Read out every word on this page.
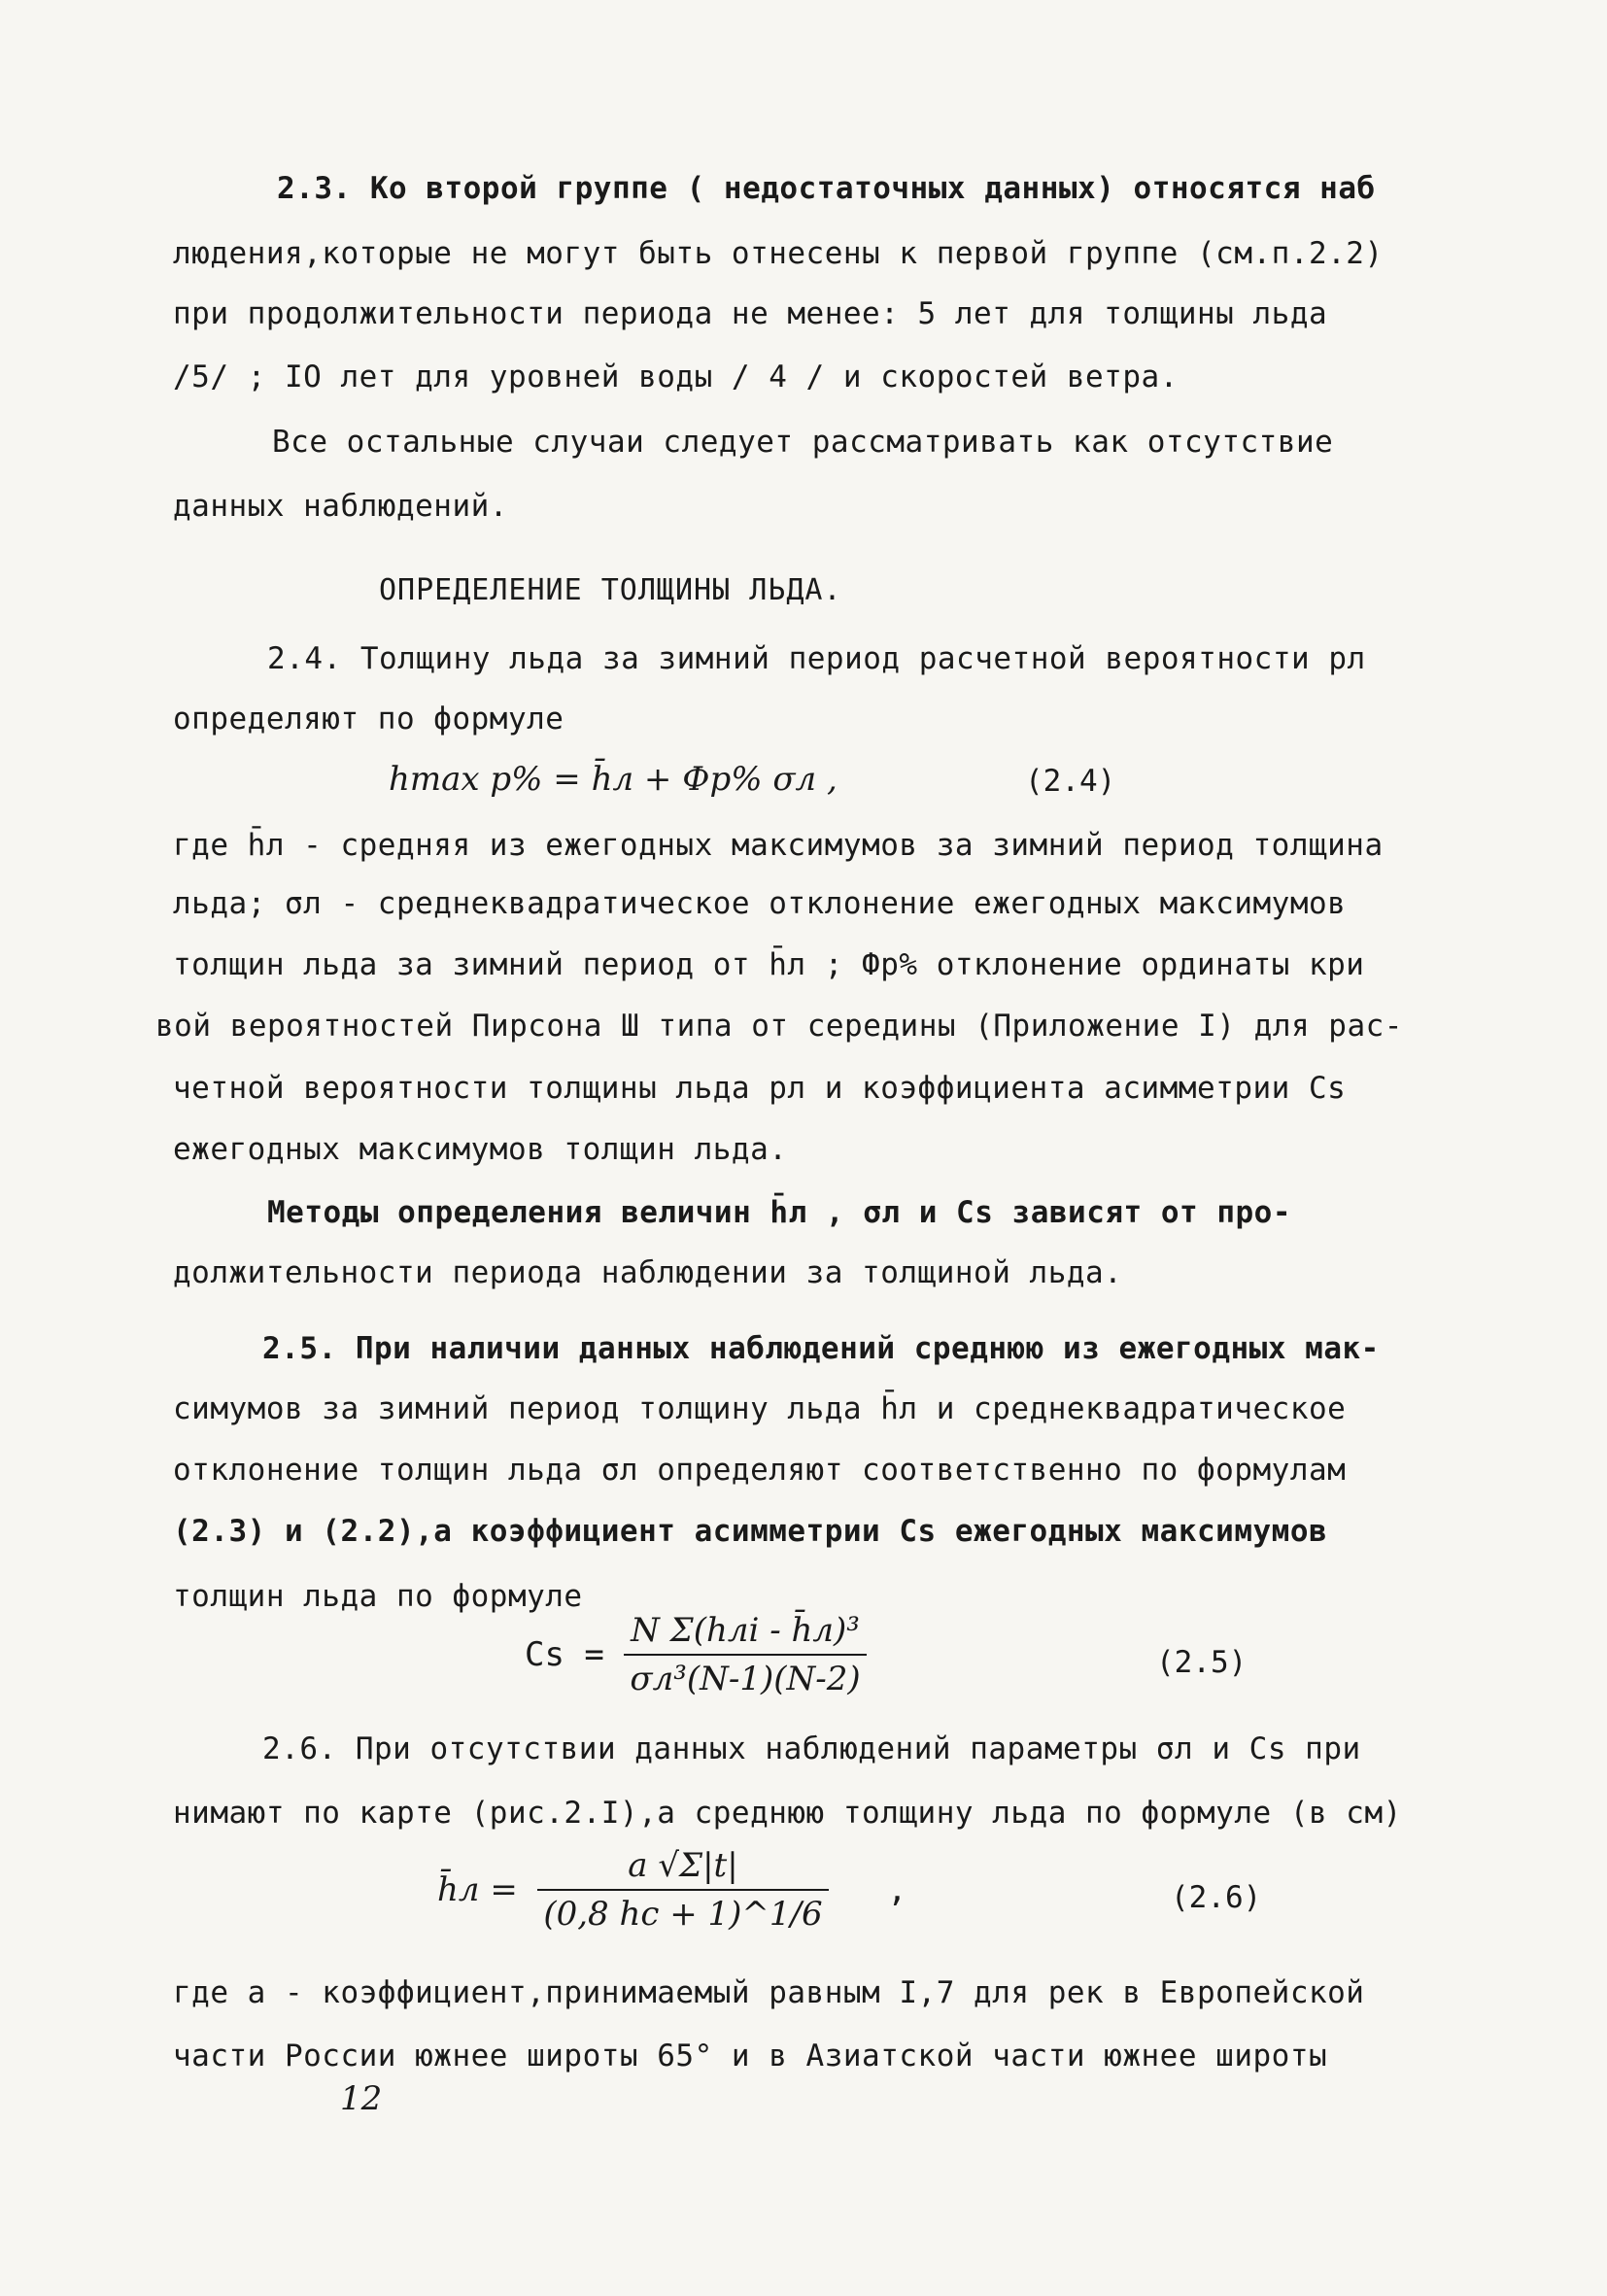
2.3. Ко второй группе ( недостаточных данных) относятся наб
людения,которые не могут быть отнесены к первой группе (см.п.2.2)
при продолжительности периода не менее: 5 лет для толщины льда
/5/ ; IO лет для уровней воды / 4 / и скоростей ветра.
Все остальные случаи следует рассматривать как отсутствие
данных наблюдений.
ОПРЕДЕЛЕНИЕ ТОЛЩИНЫ ЛЬДА.
2.4. Толщину льда за зимний период расчетной вероятности pл
определяют по формуле
hmax p% = h̄л + Фp% σл ,	(2.4)
где h̄л - средняя из ежегодных максимумов за зимний период толщина
льда; σл - среднеквадратическое отклонение ежегодных максимумов
толщин льда за зимний период от h̄л ; Фp% отклонение ординаты кри
вой вероятностей Пирсона Ш типа от середины (Приложение I) для рас-
четной вероятности толщины льда pл и коэффициента асимметрии Cs
ежегодных максимумов толщин льда.
Методы определения величин h̄л , σл и Cs зависят от про-
должительности периода наблюдении за толщиной льда.
2.5. При наличии данных наблюдений среднюю из ежегодных мак-
симумов за зимний период толщину льда h̄л и среднеквадратическое
отклонение толщин льда σл определяют соответственно по формулам
(2.3) и (2.2),а коэффициент асимметрии Cs ежегодных максимумов
толщин льда по формуле
$Cs = \frac{\text{N Σ(hлi - h̄л)³}}{\text{σл³(N-1)(N-2)}}$	(2.5)
2.6. При отсутствии данных наблюдений параметры σл и Cs при
нимают по карте (рис.2.I),а среднюю толщину льда по формуле (в см)
h̄л = $\frac{a √\Sigma|t|}{(0,8 hc + 1)\^{}1/6}$ ,	(2.6)
где а - коэффициент,принимаемый равным I,7 для рек в Европейской
части России южнее широты 65° и в Азиатской части южнее широты
12
